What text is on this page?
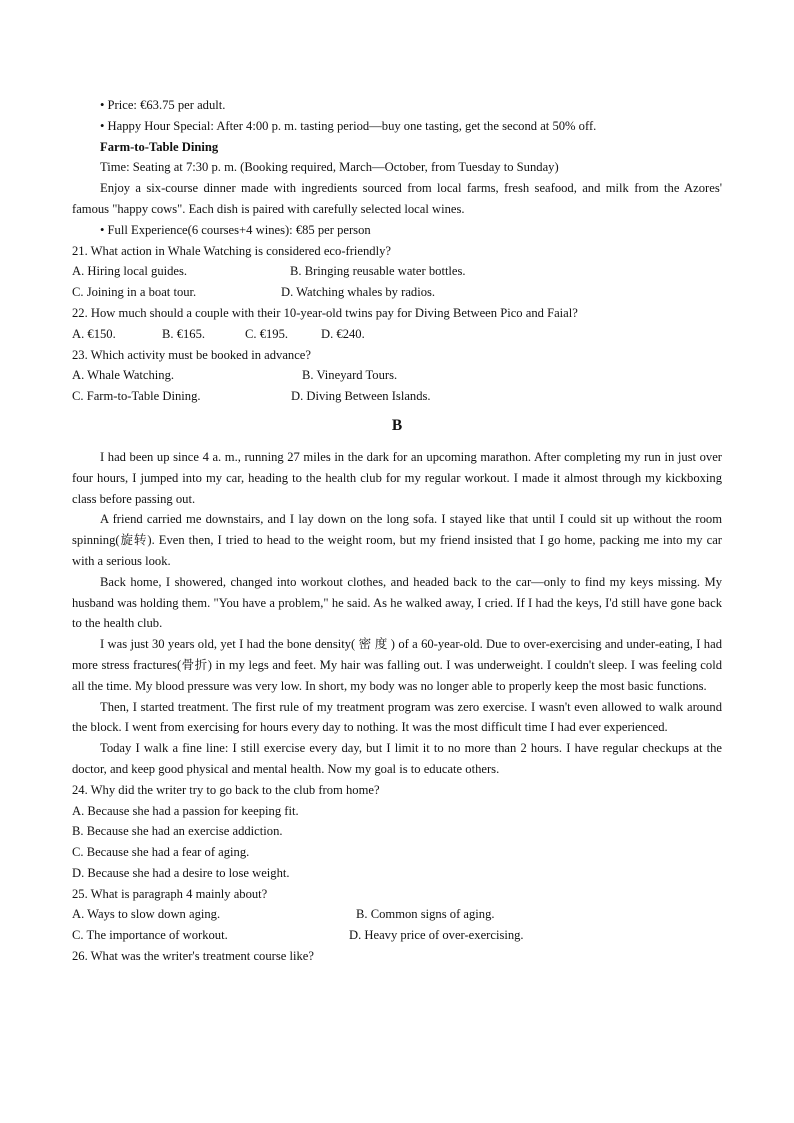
• Price: €63.75 per adult.
• Happy Hour Special: After 4:00 p. m. tasting period—buy one tasting, get the second at 50% off.
Farm-to-Table Dining
Time: Seating at 7:30 p. m. (Booking required, March—October, from Tuesday to Sunday)
Enjoy a six-course dinner made with ingredients sourced from local farms, fresh seafood, and milk from the Azores' famous "happy cows". Each dish is paired with carefully selected local wines.
• Full Experience(6 courses+4 wines): €85 per person
21. What action in Whale Watching is considered eco-friendly?
A. Hiring local guides.	B. Bringing reusable water bottles.
C. Joining in a boat tour.	D. Watching whales by radios.
22. How much should a couple with their 10-year-old twins pay for Diving Between Pico and Faial?
A. €150.	B. €165.	C. €195.	D. €240.
23. Which activity must be booked in advance?
A. Whale Watching.	B. Vineyard Tours.
C. Farm-to-Table Dining.	D. Diving Between Islands.
B
I had been up since 4 a. m., running 27 miles in the dark for an upcoming marathon. After completing my run in just over four hours, I jumped into my car, heading to the health club for my regular workout. I made it almost through my kickboxing class before passing out.
A friend carried me downstairs, and I lay down on the long sofa. I stayed like that until I could sit up without the room spinning(旋转). Even then, I tried to head to the weight room, but my friend insisted that I go home, packing me into my car with a serious look.
Back home, I showered, changed into workout clothes, and headed back to the car—only to find my keys missing. My husband was holding them. "You have a problem," he said. As he walked away, I cried. If I had the keys, I'd still have gone back to the health club.
I was just 30 years old, yet I had the bone density( 密 度 ) of a 60-year-old. Due to over-exercising and under-eating, I had more stress fractures(骨折) in my legs and feet. My hair was falling out. I was underweight. I couldn't sleep. I was feeling cold all the time. My blood pressure was very low. In short, my body was no longer able to properly keep the most basic functions.
Then, I started treatment. The first rule of my treatment program was zero exercise. I wasn't even allowed to walk around the block. I went from exercising for hours every day to nothing. It was the most difficult time I had ever experienced.
Today I walk a fine line: I still exercise every day, but I limit it to no more than 2 hours. I have regular checkups at the doctor, and keep good physical and mental health. Now my goal is to educate others.
24. Why did the writer try to go back to the club from home?
A. Because she had a passion for keeping fit.
B. Because she had an exercise addiction.
C. Because she had a fear of aging.
D. Because she had a desire to lose weight.
25. What is paragraph 4 mainly about?
A. Ways to slow down aging.	B. Common signs of aging.
C. The importance of workout.	D. Heavy price of over-exercising.
26. What was the writer's treatment course like?
